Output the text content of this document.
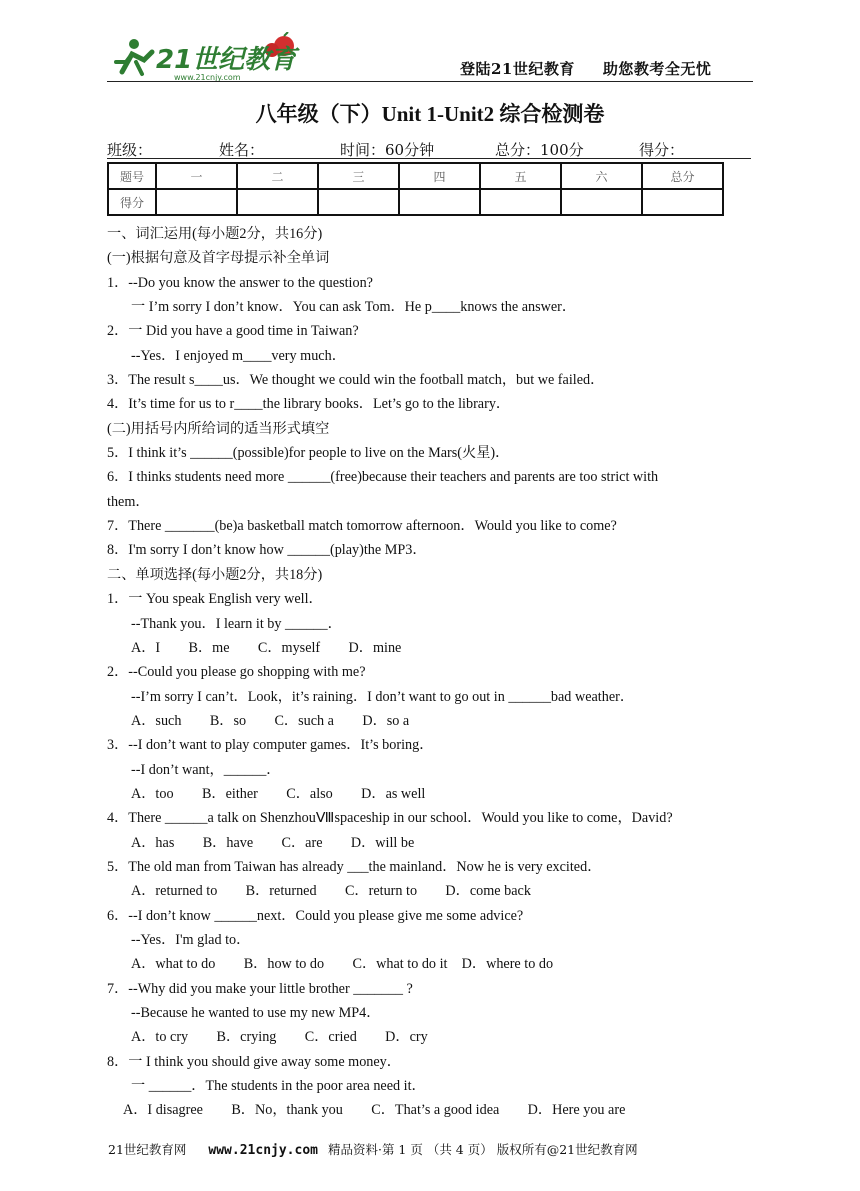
21世纪教育
www.21cnjy.com	登陆21世纪教育 助您教考全无忧
八年级（下）Unit 1-Unit2 综合检测卷
班级：	姓名：	时间：60分钟	总分：100分	得分：
题号	一	二	三	四	五	六	总分
得分							
一、词汇运用(每小题2分，共16分)
(一)根据句意及首字母提示补全单词
1．--Do you know the answer to the question?
一 I’m sorry I don’t know．You can ask Tom．He p____knows the answer．
2．一 Did you have a good time in Taiwan?
--Yes．I enjoyed m____very much．
3．The result s____us．We thought we could win the football match，but we failed．
4．It’s time for us to r____the library books．Let’s go to the library．
(二)用括号内所给词的适当形式填空
5．I think it’s ______(possible)for people to live on the Mars(火星)．
6．I thinks students need more ______(free)because their teachers and parents are too strict with
them．
7．There _______(be)a basketball match tomorrow afternoon．Would you like to come?
8．I'm sorry I don’t know how ______(play)the MP3．
二、单项选择(每小题2分，共18分)
1．一 You speak English very well．
--Thank you．I learn it by ______．
A．I　　B．me　　C．myself　　D．mine
2．--Could you please go shopping with me?
--I’m sorry I can’t．Look，it’s raining．I don’t want to go out in ______bad weather．
A．such　　B．so　　C．such a　　D．so a
3．--I don’t want to play computer games．It’s boring．
--I don’t want，______．
A．too　　B．either　　C．also　　D．as well
4．There ______a talk on ShenzhouⅧspaceship in our school．Would you like to come，David?
A．has　　B．have　　C．are　　D．will be
5．The old man from Taiwan has already ___the mainland．Now he is very excited．
A．returned to　　B．returned　　C．return to　　D．come back
6．--I don’t know ______next．Could you please give me some advice?
--Yes．I'm glad to．
A．what to do　　B．how to do　　C．what to do it　D．where to do
7．--Why did you make your little brother _______ ?
--Because he wanted to use my new MP4．
A．to cry　　B．crying　　C．cried　　D．cry
8．一 I think you should give away some money．
一 ______．The students in the poor area need it．
A．I disagree　　B．No，thank you　　C．That’s a good idea　　D．Here you are
21世纪教育网 www.21cnjy.com 精品资料·第 1 页 （共 4 页） 版权所有@21世纪教育网
